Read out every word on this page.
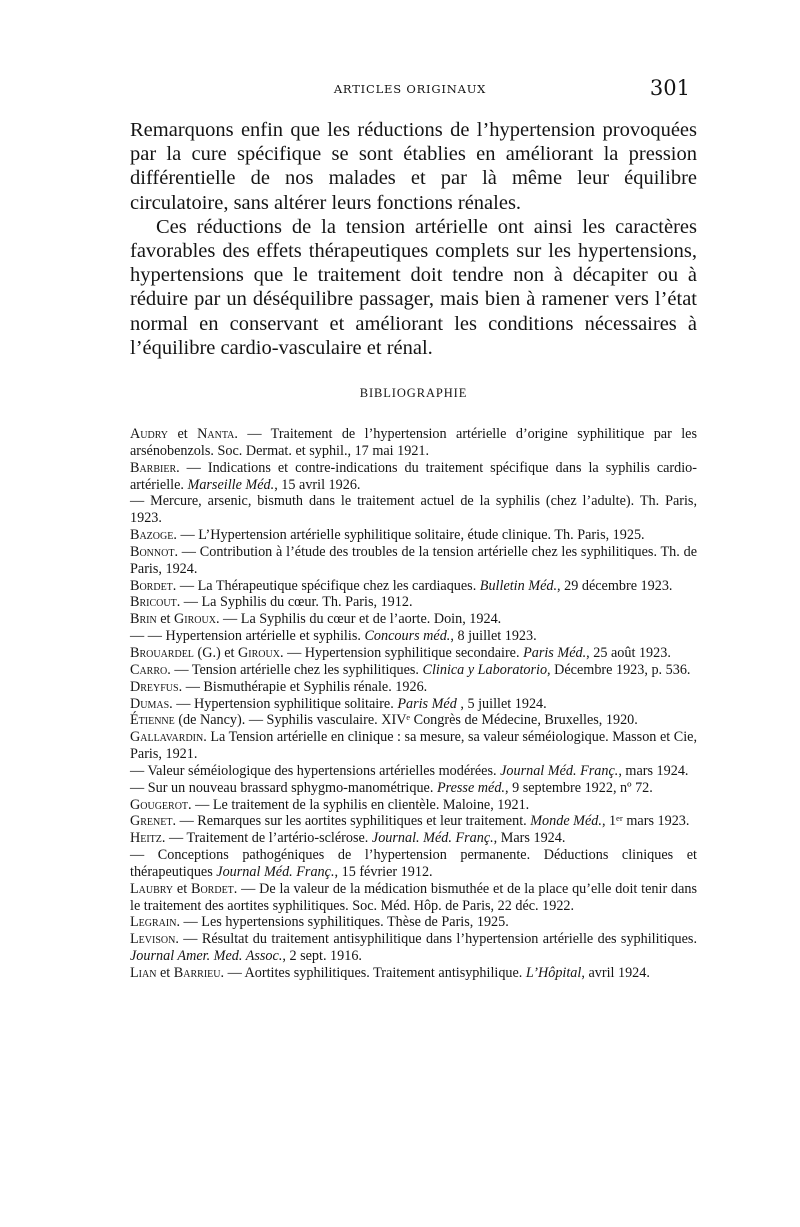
ARTICLES ORIGINAUX	301

Remarquons enfin que les réductions de l’hypertension provoquées par la cure spécifique se sont établies en améliorant la pression différentielle de nos malades et par là même leur équilibre circulatoire, sans altérer leurs fonctions rénales.

Ces réductions de la tension artérielle ont ainsi les caractères favorables des effets thérapeutiques complets sur les hypertensions, hypertensions que le traitement doit tendre non à décapiter ou à réduire par un déséquilibre passager, mais bien à ramener vers l’état normal en conservant et améliorant les conditions nécessaires à l’équilibre cardio-vasculaire et rénal.

BIBLIOGRAPHIE

Audry et Nanta. — Traitement de l’hypertension artérielle d’origine syphilitique par les arsénobenzols. Soc. Dermat. et syphil., 17 mai 1921.

Barbier. — Indications et contre-indications du traitement spécifique dans la syphilis cardio-artérielle. Marseille Méd., 15 avril 1926.

— Mercure, arsenic, bismuth dans le traitement actuel de la syphilis (chez l’adulte). Th. Paris, 1923.

Bazoge. — L’Hypertension artérielle syphilitique solitaire, étude clinique. Th. Paris, 1925.

Bonnot. — Contribution à l’étude des troubles de la tension artérielle chez les syphilitiques. Th. de Paris, 1924.

Bordet. — La Thérapeutique spécifique chez les cardiaques. Bulletin Méd., 29 décembre 1923.

Bricout. — La Syphilis du cœur. Th. Paris, 1912.

Brin et Giroux. — La Syphilis du cœur et de l’aorte. Doin, 1924.

— — Hypertension artérielle et syphilis. Concours méd., 8 juillet 1923.

Brouardel (G.) et Giroux. — Hypertension syphilitique secondaire. Paris Méd., 25 août 1923.

Carro. — Tension artérielle chez les syphilitiques. Clinica y Laboratorio, Décembre 1923, p. 536.

Dreyfus. — Bismuthérapie et Syphilis rénale. 1926.

Dumas. — Hypertension syphilitique solitaire. Paris Méd , 5 juillet 1924.

Étienne (de Nancy). — Syphilis vasculaire. XIVᵉ Congrès de Médecine, Bruxelles, 1920.

Gallavardin. La Tension artérielle en clinique : sa mesure, sa valeur séméiologique. Masson et Cie, Paris, 1921.

— Valeur séméiologique des hypertensions artérielles modérées. Journal Méd. Franç., mars 1924.

— Sur un nouveau brassard sphygmo-manométrique. Presse méd., 9 septembre 1922, nº 72.

Gougerot. — Le traitement de la syphilis en clientèle. Maloine, 1921.

Grenet. — Remarques sur les aortites syphilitiques et leur traitement. Monde Méd., 1ᵉʳ mars 1923.

Heitz. — Traitement de l’artério-sclérose. Journal. Méd. Franç., Mars 1924.

— Conceptions pathogéniques de l’hypertension permanente. Déductions cliniques et thérapeutiques Journal Méd. Franç., 15 février 1912.

Laubry et Bordet. — De la valeur de la médication bismuthée et de la place qu’elle doit tenir dans le traitement des aortites syphilitiques. Soc. Méd. Hôp. de Paris, 22 déc. 1922.

Legrain. — Les hypertensions syphilitiques. Thèse de Paris, 1925.

Levison. — Résultat du traitement antisyphilitique dans l’hypertension artérielle des syphilitiques. Journal Amer. Med. Assoc., 2 sept. 1916.

Lian et Barrieu. — Aortites syphilitiques. Traitement antisyphilique. L’Hôpital, avril 1924.
